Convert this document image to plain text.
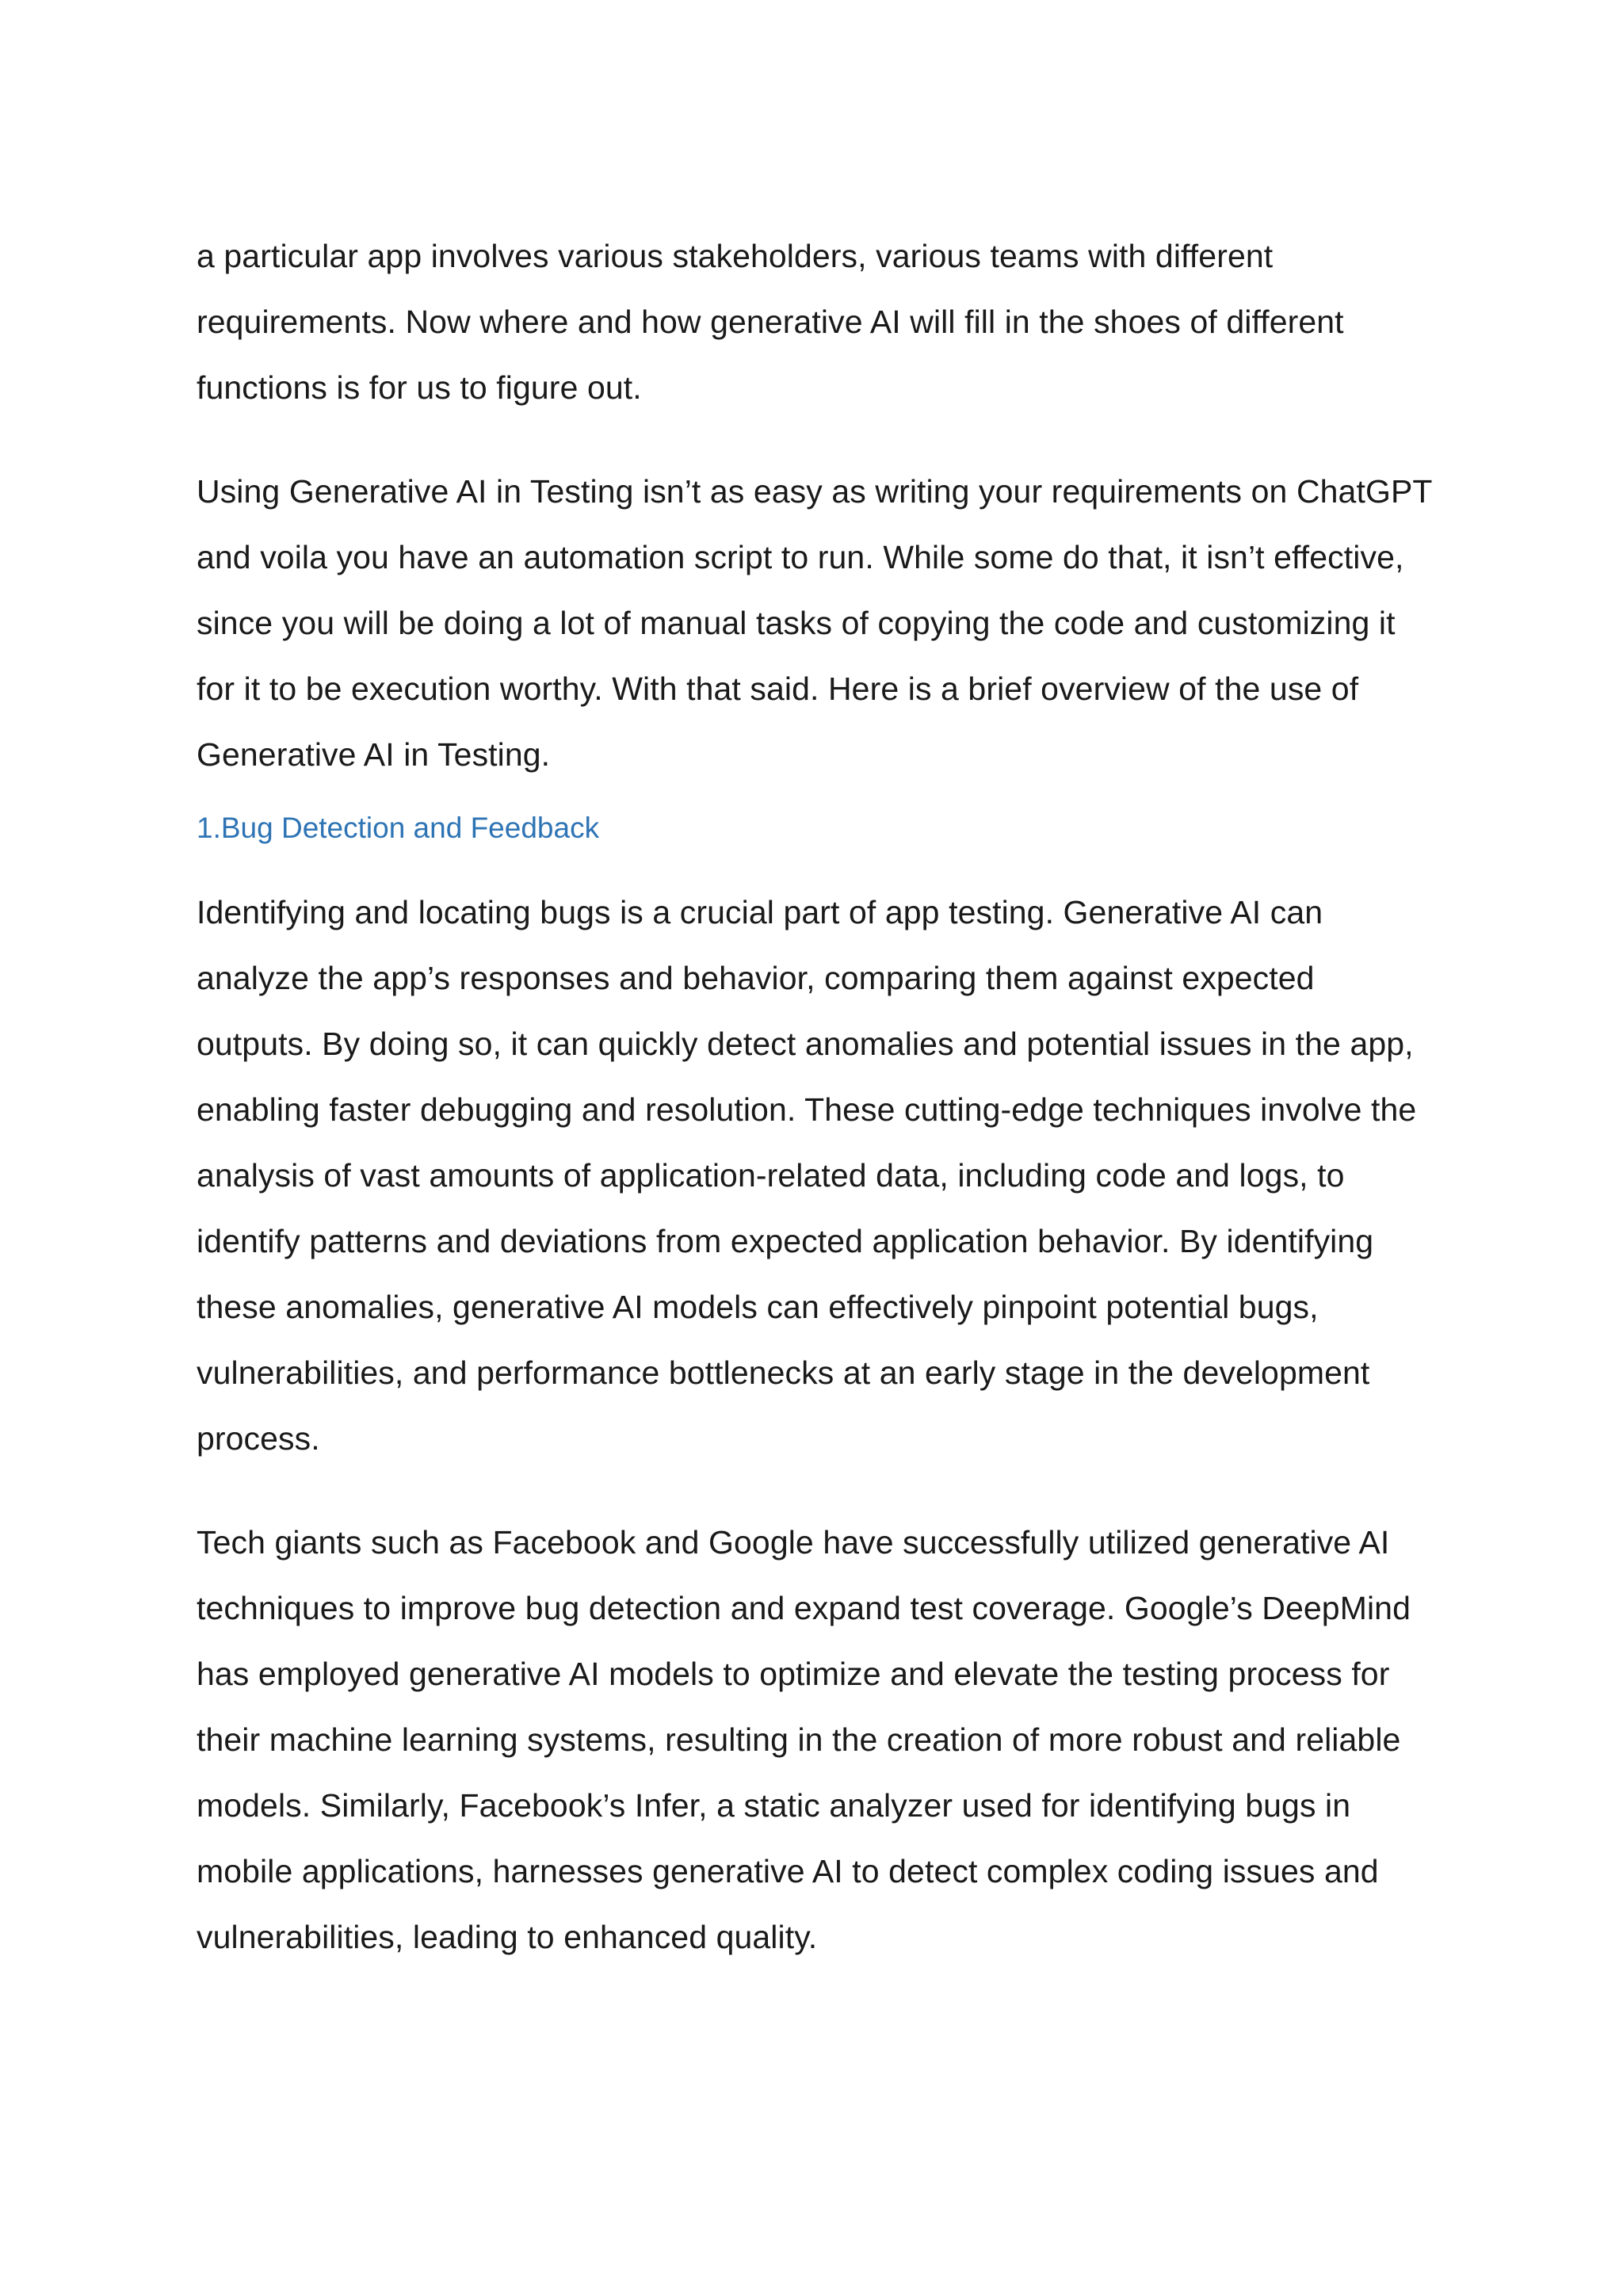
a particular app involves various stakeholders, various teams with different requirements. Now where and how generative AI will fill in the shoes of different functions is for us to figure out.

Using Generative AI in Testing isn’t as easy as writing your requirements on ChatGPT and voila you have an automation script to run. While some do that, it isn’t effective, since you will be doing a lot of manual tasks of copying the code and customizing it for it to be execution worthy. With that said. Here is a brief overview of the use of Generative AI in Testing.

1.Bug Detection and Feedback

Identifying and locating bugs is a crucial part of app testing. Generative AI can analyze the app’s responses and behavior, comparing them against expected outputs. By doing so, it can quickly detect anomalies and potential issues in the app, enabling faster debugging and resolution. These cutting-edge techniques involve the analysis of vast amounts of application-related data, including code and logs, to identify patterns and deviations from expected application behavior. By identifying these anomalies, generative AI models can effectively pinpoint potential bugs, vulnerabilities, and performance bottlenecks at an early stage in the development process.

Tech giants such as Facebook and Google have successfully utilized generative AI techniques to improve bug detection and expand test coverage. Google’s DeepMind has employed generative AI models to optimize and elevate the testing process for their machine learning systems, resulting in the creation of more robust and reliable models. Similarly, Facebook’s Infer, a static analyzer used for identifying bugs in mobile applications, harnesses generative AI to detect complex coding issues and vulnerabilities, leading to enhanced quality.
